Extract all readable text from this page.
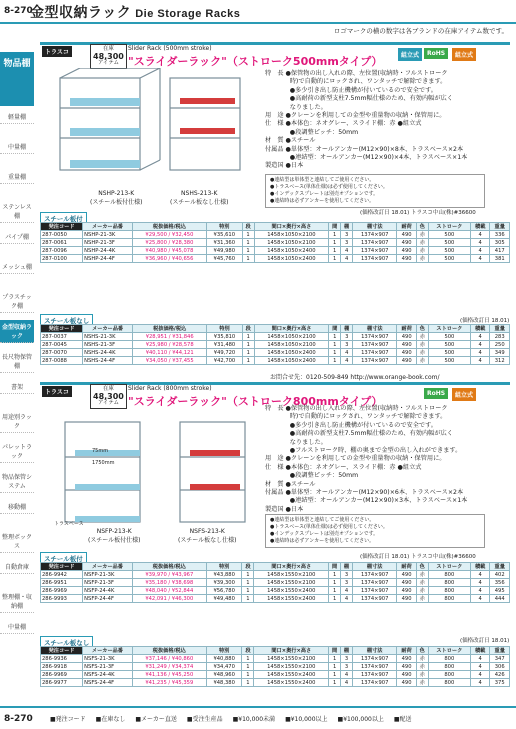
8-270
金型収納ラック Die Storage Racks
ロゴマークの横の数字は各ブランドの在庫アイテム数です。
物品棚
軽量棚
中量棚
重量棚
ステンレス棚
パイプ棚
メッシュ棚
プラスチック棚
金型収納ラック
長尺物保管棚
書架
用途別ラック
パレットラック
物品保管システム
移動棚
整理ボックス
自動倉庫
整理棚・収納棚
中量棚
トラスコ	在庫
48,300
アイテム
Slider Rack (500mm stroke)
"スライダーラック"（ストローク500mmタイプ）	組立式	RoHS	組立式
NSHP-213-K
(スチール板付仕様)
NSHS-213-K
(スチール板なし仕様)
特　長 ●保管物の出し入れの際、左位置(収納時・フルストローク
　　　　時)で自動的にロックされ、ワンタッチで解除できます。
　　　　●多少引き出し防止機構が付いているので安全です。
　　　　●高耐荷の新型支柱7.5mm幅仕様のため、有効内幅が広く
　　　　なりました。
用　途 ●クレーンを利用しての金型や重量物の収納・保管用に。
仕　様 ●本体色：ネオグレー、スライド棚：赤 ●組立式
　　　　●段調整ピッチ：50mm
材　質 ●スチール
付属品 ●単体型：オールアンカー(M12×90)×8本、トラスベース×2本
　　　　●連結型：オールアンカー(M12×90)×4本、トラスベース×1本
製造国 ●日本
●連結型は単体型と連結してご使用ください。
●トラスベース(単体仕様)は必ず使用してください。
●インデックスプレートは別売オプションです。
●連結時は必ずアンカーを使用してください。
スチール板付
(価格改訂日 18.01) トラスコ中山(株)#36600
発注コード	メーカー品番	税抜価格/税込	特別	段	間口×奥行×高さ	間	棚	棚寸法	耐荷	色	ストローク	積載	重量
287-0050	NSHP-21-3K	¥29,500 / ¥32,450	¥35,610	1	1458×1050×2100	1	3	1374×907	490	赤	500	4	336
287-0061	NSHP-21-3F	¥25,800 / ¥28,380	¥31,360	1	1458×1050×2100	1	3	1374×907	490	赤	500	4	305
287-0096	NSHP-24-4K	¥40,980 / ¥45,078	¥49,980	1	1458×1050×2400	1	4	1374×907	490	赤	500	4	417
287-0100	NSHP-24-4F	¥36,960 / ¥40,656	¥45,760	1	1458×1050×2400	1	4	1374×907	490	赤	500	4	381
スチール板なし	(価格改訂日 18.01)
発注コード	メーカー品番	税抜価格/税込	特別	段	間口×奥行×高さ	間	棚	棚寸法	耐荷	色	ストローク	積載	重量
287-0037	NSHS-21-3K	¥28,951 / ¥31,846	¥35,810	1	1458×1050×2100	1	3	1374×907	490	赤	500	4	283
287-0045	NSHS-21-3F	¥25,980 / ¥28,578	¥31,480	1	1458×1050×2100	1	3	1374×907	490	赤	500	4	250
287-0070	NSHS-24-4K	¥40,110 / ¥44,121	¥49,720	1	1458×1050×2400	1	4	1374×907	490	赤	500	4	349
287-0088	NSHS-24-4F	¥34,050 / ¥37,455	¥42,700	1	1458×1050×2400	1	4	1374×907	490	赤	500	4	312
お問合せ先：0120-509-849 http://www.orange-book.com/
トラスコ	在庫
48,300
アイテム
Slider Rack (800mm stroke)
"スライダーラック"（ストローク800mmタイプ）
RoHS	組立式
1750mm
75mm
トラスベース
NSFP-213-K
(スチール板付仕様)
NSFS-213-K
(スチール板なし仕様)
特　長 ●保管物の出し入れの際、左位置(収納時・フルストローク
　　　　時)で自動的にロックされ、ワンタッチで解除できます。
　　　　●多少引き出し防止機構が付いているので安全です。
　　　　●高耐荷の新型支柱7.5mm幅仕様のため、有効内幅が広く
　　　　なりました。
　　　　●フルストローク時、棚の奥まで金型の出し入れができます。
用　途 ●クレーンを利用しての金型や重量物の収納・保管用に。
仕　様 ●本体色：ネオグレー、スライド棚：赤 ●組立式
　　　　●段調整ピッチ：50mm
材　質 ●スチール
付属品 ●単体型：オールアンカー(M12×90)×6本、トラスベース×2本
　　　　●連結型：オールアンカー(M12×90)×3本、トラスベース×1本
製造国 ●日本
●連結型は単体型と連結してご使用ください。
●トラスベース(単体仕様)は必ず使用してください。
●インデックスプレートは別売オプションです。
●連結時は必ずアンカーを使用してください。
スチール板付	(価格改訂日 18.01) トラスコ中山(株)#36600
発注コード	メーカー品番	税抜価格/税込	特別	段	間口×奥行×高さ	間	棚	棚寸法	耐荷	色	ストローク	積載	重量
286-9942	NSFP-21-3K	¥39,970 / ¥43,967	¥43,880	1	1458×1550×2100	1	3	1374×907	490	赤	800	4	402
286-9951	NSFP-21-3F	¥35,180 / ¥38,698	¥39,300	1	1458×1550×2100	1	3	1374×907	490	赤	800	4	356
286-9969	NSFP-24-4K	¥48,040 / ¥52,844	¥56,780	1	1458×1550×2400	1	4	1374×907	490	赤	800	4	495
286-9993	NSFP-24-4F	¥42,091 / ¥46,300	¥49,480	1	1458×1550×2400	1	4	1374×907	490	赤	800	4	444
スチール板なし	(価格改訂日 18.01)
発注コード	メーカー品番	税抜価格/税込	特別	段	間口×奥行×高さ	間	棚	棚寸法	耐荷	色	ストローク	積載	重量
286-9936	NSFS-21-3K	¥37,146 / ¥40,860	¥40,880	1	1458×1550×2100	1	3	1374×907	490	赤	800	4	347
286-9918	NSFS-21-3F	¥31,249 / ¥34,374	¥34,470	1	1458×1550×2100	1	3	1374×907	490	赤	800	4	306
286-9969	NSFS-24-4K	¥41,136 / ¥45,250	¥48,960	1	1458×1550×2400	1	4	1374×907	490	赤	800	4	426
286-9977	NSFS-24-4F	¥41,235 / ¥45,359	¥48,380	1	1458×1550×2400	1	4	1374×907	490	赤	800	4	375
8-270	■発注コード ■在庫なし ■メーカー直送 ■受注生産品 ■¥10,000未満 ■¥10,000以上 ■¥100,000以上 ■配送
